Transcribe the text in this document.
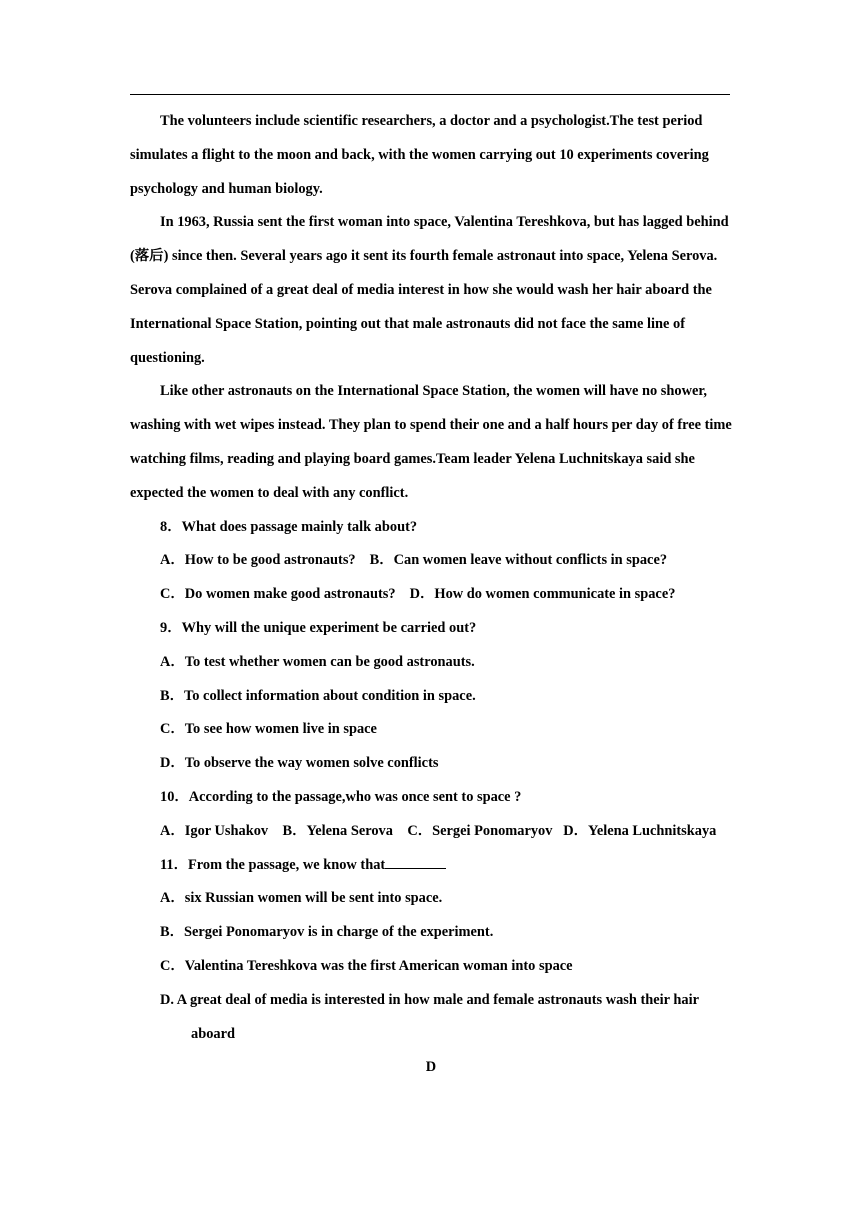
The volunteers include scientific researchers, a doctor and a psychologist.The test period simulates a flight to the moon and back, with the women carrying out 10 experiments covering psychology and human biology.

In 1963, Russia sent the first woman into space, Valentina Tereshkova, but has lagged behind (落后) since then. Several years ago it sent its fourth female astronaut into space, Yelena Serova. Serova complained of a great deal of media interest in how she would wash her hair aboard the International Space Station, pointing out that male astronauts did not face the same line of questioning.

Like other astronauts on the International Space Station, the women will have no shower, washing with wet wipes instead. They plan to spend their one and a half hours per day of free time watching films, reading and playing board games.Team leader Yelena Luchnitskaya said she expected the women to deal with any conflict.

8．What does passage mainly talk about?

A．How to be good astronauts? B．Can women leave without conflicts in space?

C．Do women make good astronauts? D．How do women communicate in space?

9．Why will the unique experiment be carried out?

A．To test whether women can be good astronauts.

B．To collect information about condition in space.

C．To see how women live in space

D．To observe the way women solve conflicts

10．According to the passage,who was once sent to space ?

A．Igor Ushakov B．Yelena Serova C．Sergei Ponomaryov D．Yelena Luchnitskaya

11．From the passage, we know that

A．six Russian women will be sent into space.

B．Sergei Ponomaryov is in charge of the experiment.

C．Valentina Tereshkova was the first American woman into space

D. A great deal of media is interested in how male and female astronauts wash their hair aboard

D
